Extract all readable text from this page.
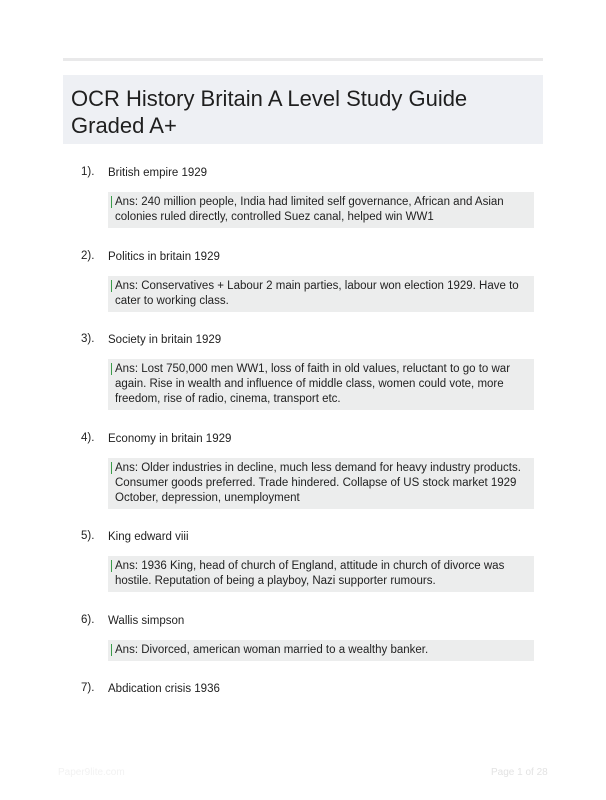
OCR History Britain A Level Study Guide Graded A+
1). British empire 1929
Ans: 240 million people, India had limited self governance, African and Asian colonies ruled directly, controlled Suez canal, helped win WW1
2). Politics in britain 1929
Ans: Conservatives + Labour 2 main parties, labour won election 1929. Have to cater to working class.
3). Society in britain 1929
Ans: Lost 750,000 men WW1, loss of faith in old values, reluctant to go to war again. Rise in wealth and influence of middle class, women could vote, more freedom, rise of radio, cinema, transport etc.
4). Economy in britain 1929
Ans: Older industries in decline, much less demand for heavy industry products. Consumer goods preferred. Trade hindered. Collapse of US stock market 1929 October, depression, unemployment
5). King edward viii
Ans: 1936 King, head of church of England, attitude in church of divorce was hostile. Reputation of being a playboy, Nazi supporter rumours.
6). Wallis simpson
Ans: Divorced, american woman married to a wealthy banker.
7). Abdication crisis 1936
Paper9lite.com	Page 1 of 28
